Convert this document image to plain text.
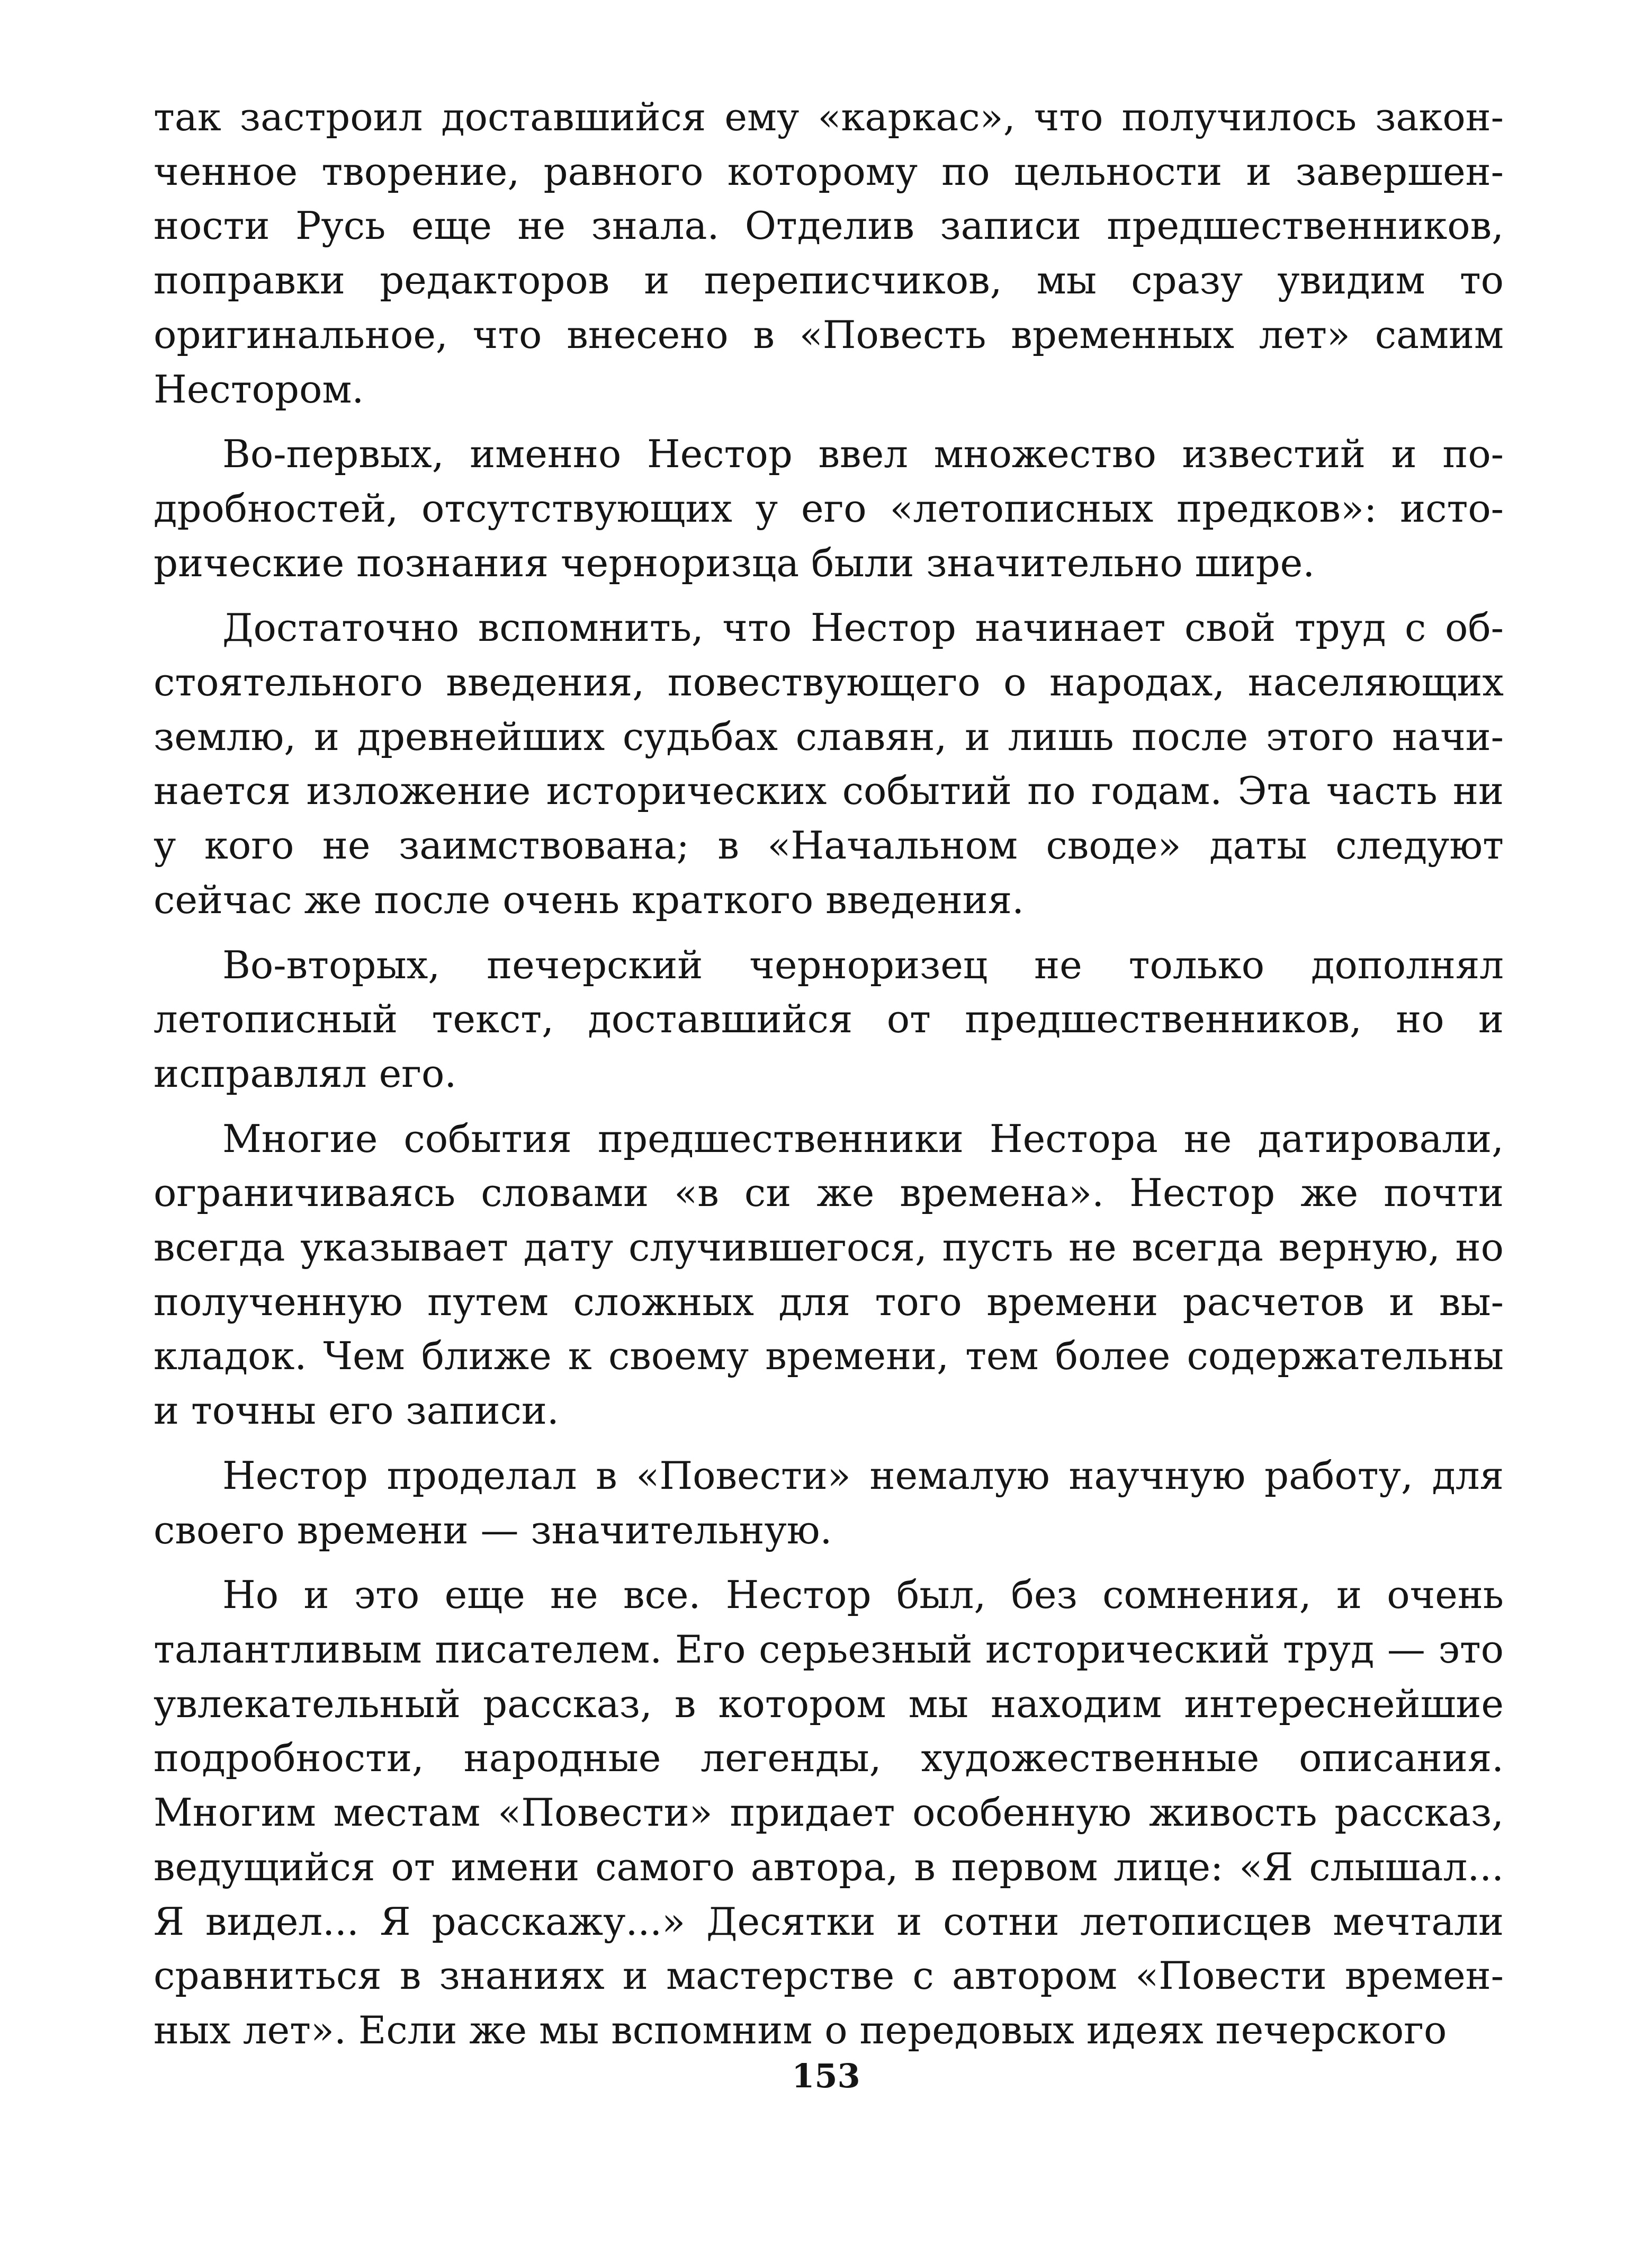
так застроил доставшийся ему «каркас», что получилось законченное творение, равного которому по цельности и завершенности Русь еще не знала. Отделив записи предшественников, поправки редакторов и переписчиков, мы сразу увидим то оригинальное, что внесено в «Повесть временных лет» самим Нестором.

Во-первых, именно Нестор ввел множество известий и подробностей, отсутствующих у его «летописных предков»: исторические познания черноризца были значительно шире.

Достаточно вспомнить, что Нестор начинает свой труд с обстоятельного введения, повествующего о народах, населяющих землю, и древнейших судьбах славян, и лишь после этого начинается изложение исторических событий по годам. Эта часть ни у кого не заимствована; в «Начальном своде» даты следуют сейчас же после очень краткого введения.

Во-вторых, печерский черноризец не только дополнял летописный текст, доставшийся от предшественников, но и исправлял его.

Многие события предшественники Нестора не датировали, ограничиваясь словами «в си же времена». Нестор же почти всегда указывает дату случившегося, пусть не всегда верную, но полученную путем сложных для того времени расчетов и выкладок. Чем ближе к своему времени, тем более содержательны и точны его записи.

Нестор проделал в «Повести» немалую научную работу, для своего времени — значительную.

Но и это еще не все. Нестор был, без сомнения, и очень талантливым писателем. Его серьезный исторический труд — это увлекательный рассказ, в котором мы находим интереснейшие подробности, народные легенды, художественные описания. Многим местам «Повести» придает особенную живость рассказ, ведущийся от имени самого автора, в первом лице: «Я слышал... Я видел... Я расскажу...» Десятки и сотни летописцев мечтали сравниться в знаниях и мастерстве с автором «Повести временных лет». Если же мы вспомним о передовых идеях печерского

153
